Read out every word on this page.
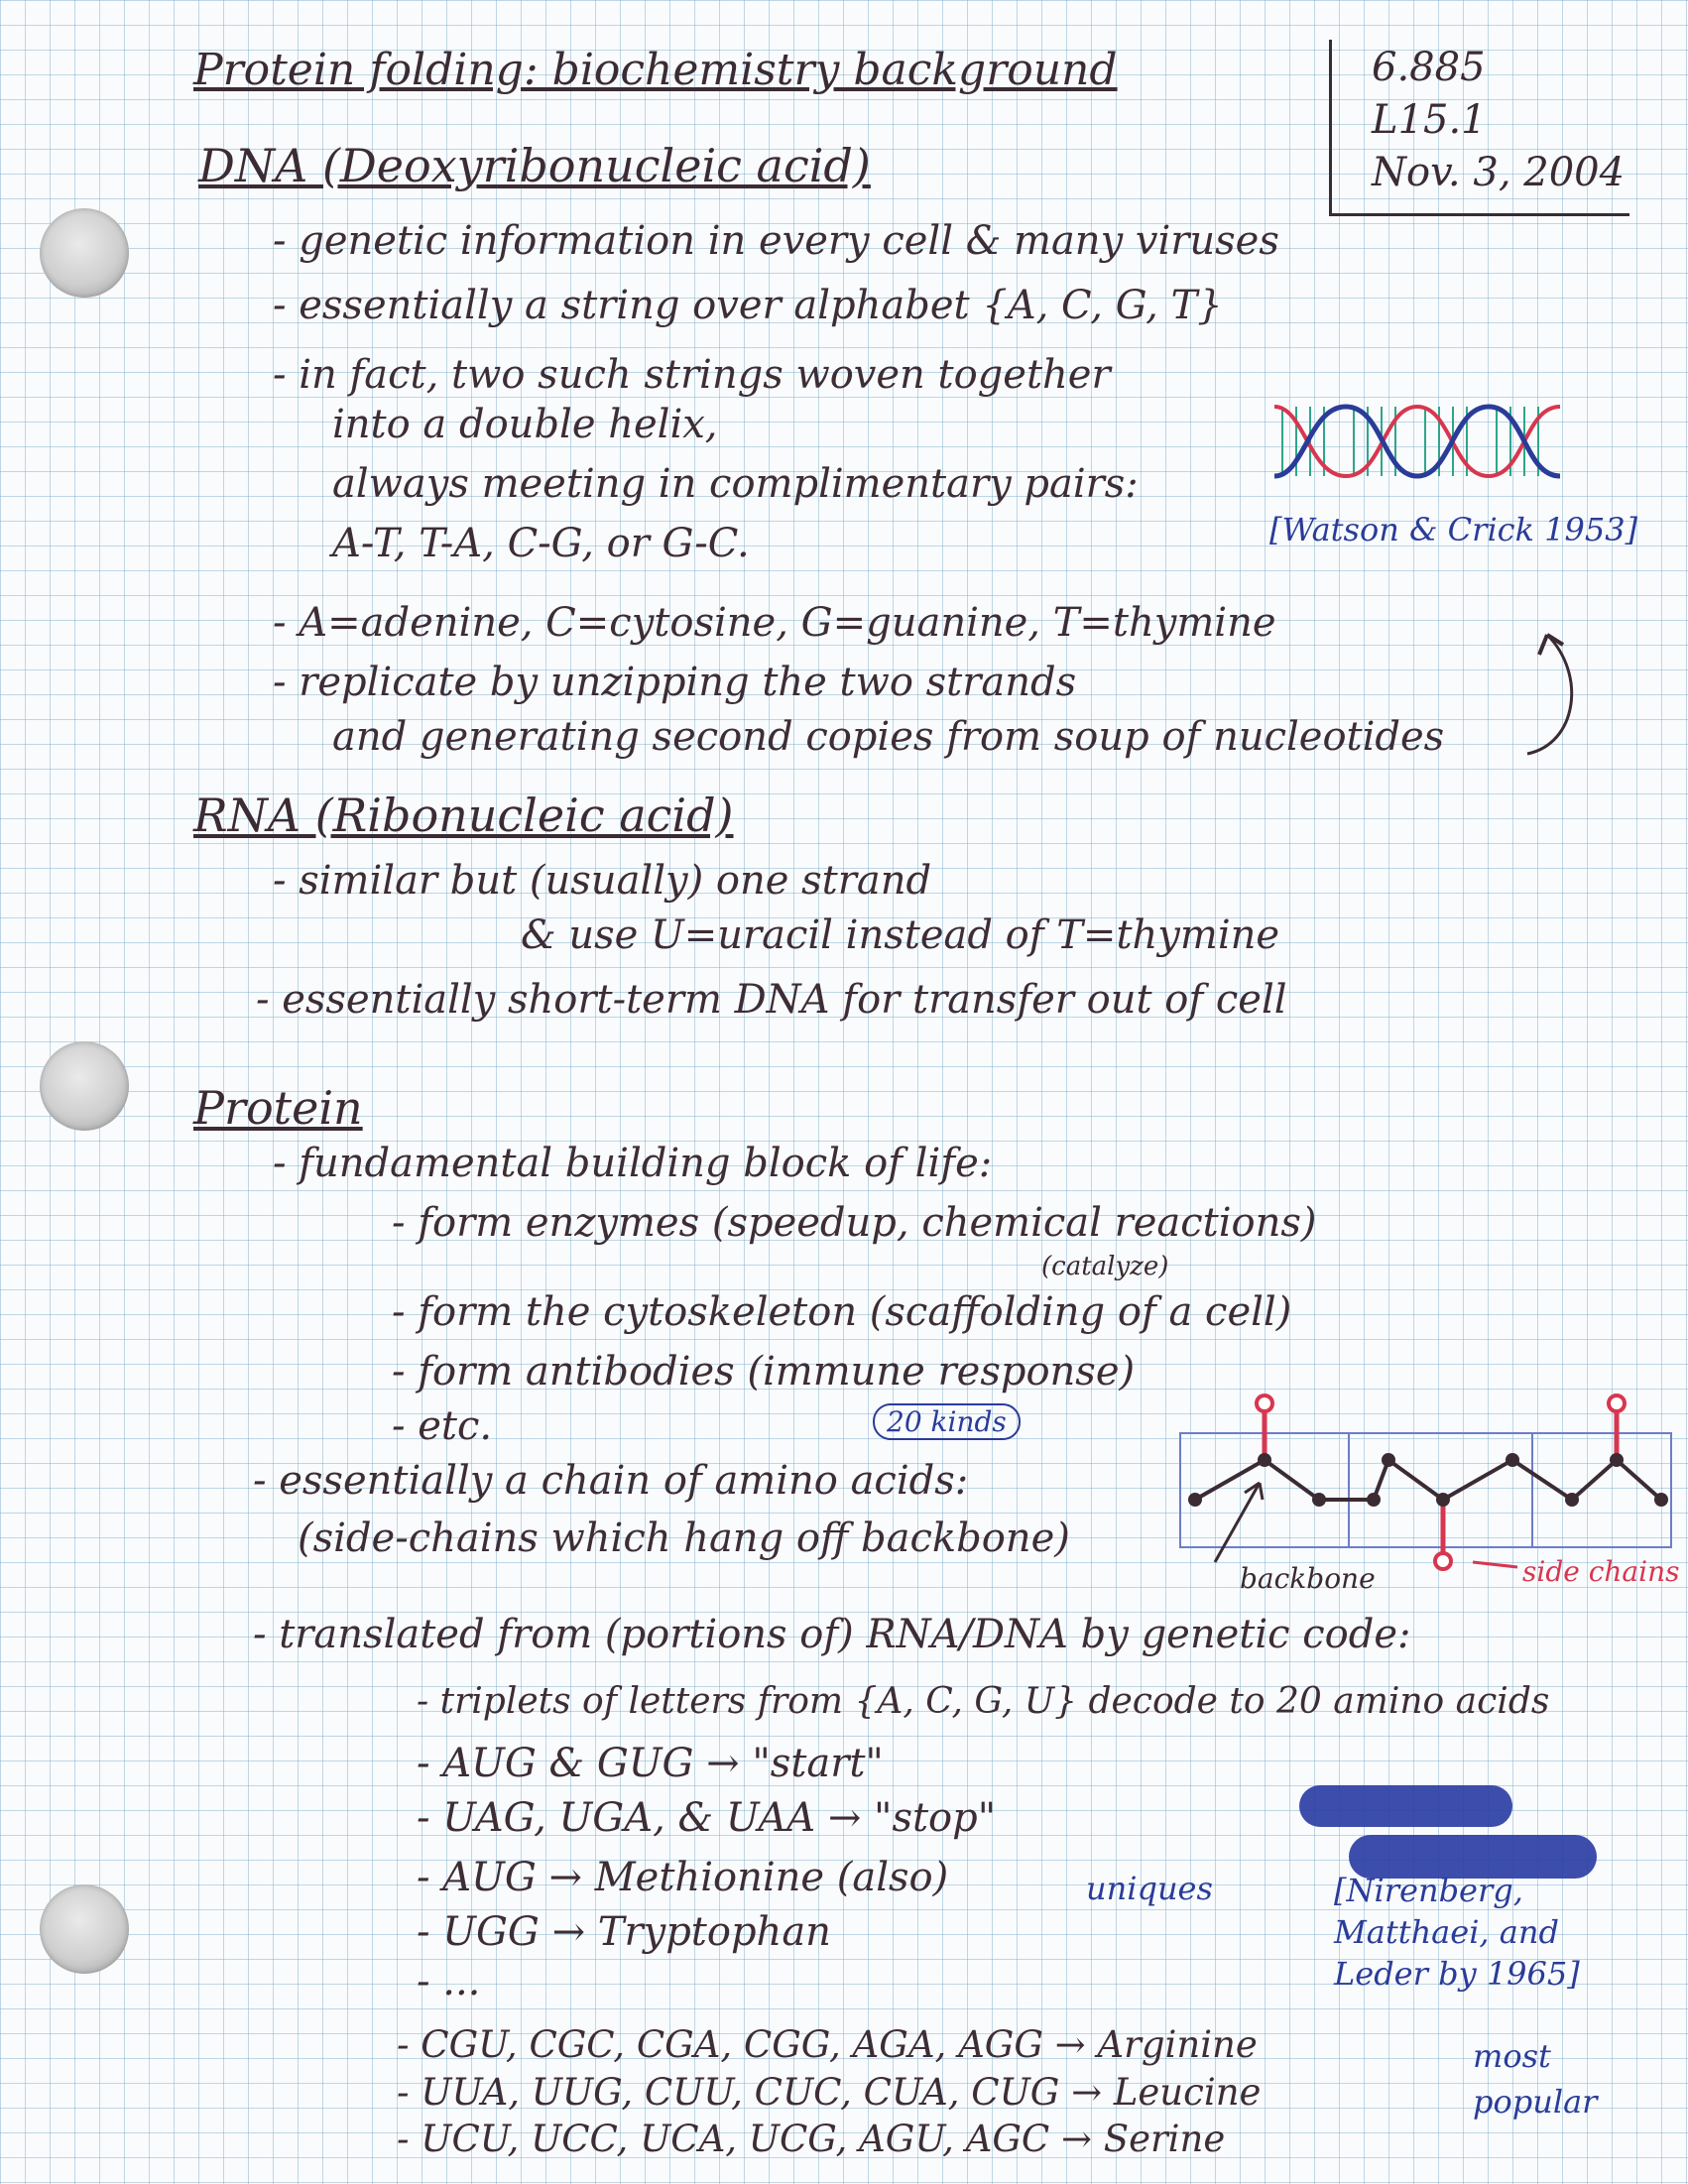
Protein folding: biochemistry background	6.885
L15.1
Nov. 3, 2004
DNA (Deoxyribonucleic acid)
- genetic information in every cell & many viruses
- essentially a string over alphabet {A, C, G, T}
- in fact, two such strings woven together
into a double helix,
always meeting in complimentary pairs:
A-T, T-A, C-G, or G-C.	[Watson & Crick 1953]
- A=adenine, C=cytosine, G=guanine, T=thymine
- replicate by unzipping the two strands
and generating second copies from soup of nucleotides
RNA (Ribonucleic acid)
- similar but (usually) one strand
& use U=uracil instead of T=thymine
- essentially short-term DNA for transfer out of cell
Protein
- fundamental building block of life:
- form enzymes (speedup, chemical reactions)
(catalyze)
- form the cytoskeleton (scaffolding of a cell)
- form antibodies (immune response)
- etc.	20 kinds
- essentially a chain of amino acids:
(side-chains which hang off backbone)
backbone	side chains
- translated from (portions of) RNA/DNA by genetic code:
- triplets of letters from {A, C, G, U} decode to 20 amino acids
- AUG & GUG → "start"
- UAG, UGA, & UAA → "stop"
- AUG → Methionine (also)
- UGG → Tryptophan
- ...
uniques	[Nirenberg, Matthaei, and Leder by 1965]
- CGU, CGC, CGA, CGG, AGA, AGG → Arginine
- UUA, UUG, CUU, CUC, CUA, CUG → Leucine
- UCU, UCC, UCA, UCG, AGU, AGC → Serine
most popular
